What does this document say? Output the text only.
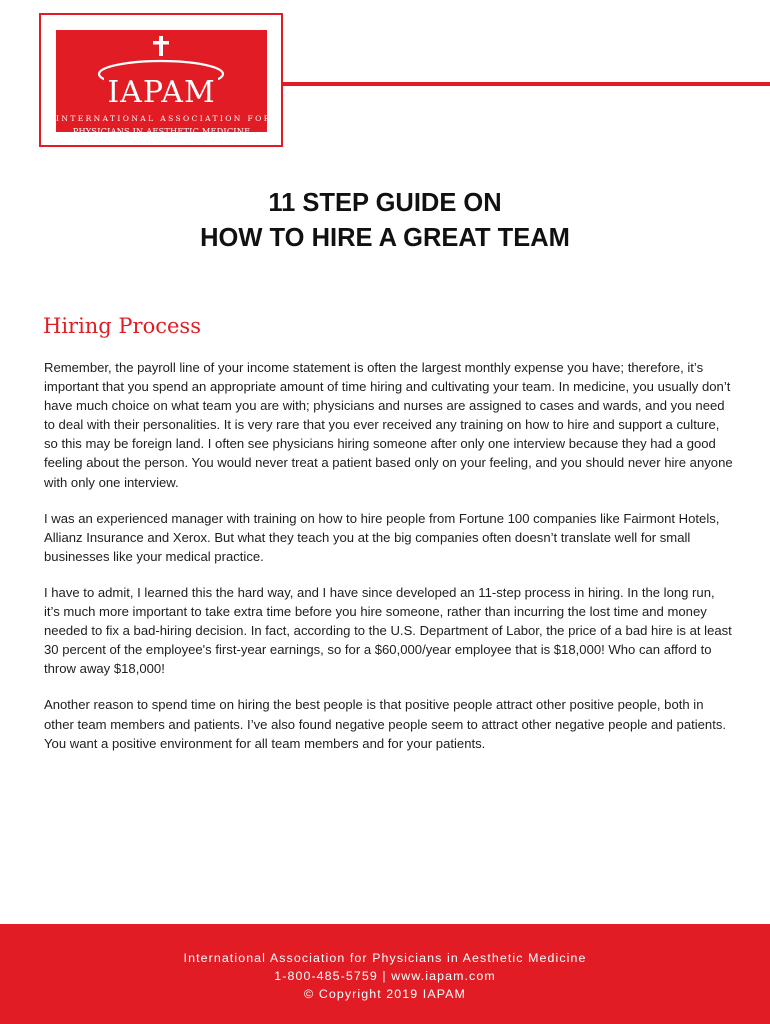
IAPAM
INTERNATIONAL ASSOCIATION FOR
PHYSICIANS IN AESTHETIC MEDICINE
11 STEP GUIDE ON
HOW TO HIRE A GREAT TEAM
Hiring Process

Remember, the payroll line of your income statement is often the largest monthly expense you have; therefore, it’s important that you spend an appropriate amount of time hiring and cultivating your team. In medicine, you usually don’t have much choice on what team you are with; physicians and nurses are assigned to cases and wards, and you need to deal with their personalities. It is very rare that you ever received any training on how to hire and support a culture, so this may be foreign land. I often see physicians hiring someone after only one interview because they had a good feeling about the person. You would never treat a patient based only on your feeling, and you should never hire anyone with only one interview.

I was an experienced manager with training on how to hire people from Fortune 100 companies like Fairmont Hotels, Allianz Insurance and Xerox. But what they teach you at the big companies often doesn’t translate well for small businesses like your medical practice.

I have to admit, I learned this the hard way, and I have since developed an 11-step process in hiring. In the long run, it’s much more important to take extra time before you hire someone, rather than incurring the lost time and money needed to fix a bad-hiring decision. In fact, according to the U.S. Department of Labor, the price of a bad hire is at least 30 percent of the employee's first-year earnings, so for a $60,000/year employee that is $18,000! Who can afford to throw away $18,000!

Another reason to spend time on hiring the best people is that positive people attract other positive people, both in other team members and patients. I’ve also found negative people seem to attract other negative people and patients. You want a positive environment for all team members and for your patients.

International Association for Physicians in Aesthetic Medicine
1-800-485-5759 | www.iapam.com
© Copyright 2019 IAPAM
